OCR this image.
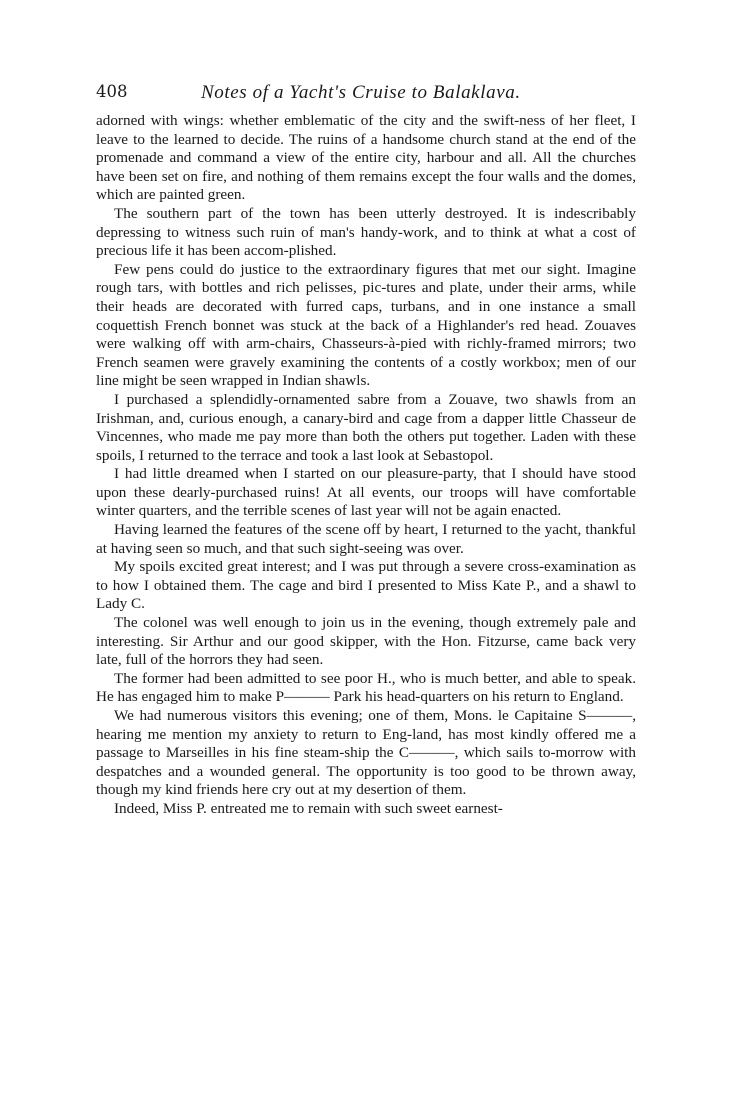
408	Notes of a Yacht's Cruise to Balaklava.

adorned with wings: whether emblematic of the city and the swift-ness of her fleet, I leave to the learned to decide. The ruins of a handsome church stand at the end of the promenade and command a view of the entire city, harbour and all. All the churches have been set on fire, and nothing of them remains except the four walls and the domes, which are painted green.

The southern part of the town has been utterly destroyed. It is indescribably depressing to witness such ruin of man's handy-work, and to think at what a cost of precious life it has been accom-plished.

Few pens could do justice to the extraordinary figures that met our sight. Imagine rough tars, with bottles and rich pelisses, pic-tures and plate, under their arms, while their heads are decorated with furred caps, turbans, and in one instance a small coquettish French bonnet was stuck at the back of a Highlander's red head. Zouaves were walking off with arm-chairs, Chasseurs-à-pied with richly-framed mirrors; two French seamen were gravely examining the contents of a costly workbox; men of our line might be seen wrapped in Indian shawls.

I purchased a splendidly-ornamented sabre from a Zouave, two shawls from an Irishman, and, curious enough, a canary-bird and cage from a dapper little Chasseur de Vincennes, who made me pay more than both the others put together. Laden with these spoils, I returned to the terrace and took a last look at Sebastopol.

I had little dreamed when I started on our pleasure-party, that I should have stood upon these dearly-purchased ruins! At all events, our troops will have comfortable winter quarters, and the terrible scenes of last year will not be again enacted.

Having learned the features of the scene off by heart, I returned to the yacht, thankful at having seen so much, and that such sight-seeing was over.

My spoils excited great interest; and I was put through a severe cross-examination as to how I obtained them. The cage and bird I presented to Miss Kate P., and a shawl to Lady C.

The colonel was well enough to join us in the evening, though extremely pale and interesting. Sir Arthur and our good skipper, with the Hon. Fitzurse, came back very late, full of the horrors they had seen.

The former had been admitted to see poor H., who is much better, and able to speak. He has engaged him to make P——— Park his head-quarters on his return to England.

We had numerous visitors this evening; one of them, Mons. le Capitaine S———, hearing me mention my anxiety to return to Eng-land, has most kindly offered me a passage to Marseilles in his fine steam-ship the C———, which sails to-morrow with despatches and a wounded general. The opportunity is too good to be thrown away, though my kind friends here cry out at my desertion of them.

Indeed, Miss P. entreated me to remain with such sweet earnest-
